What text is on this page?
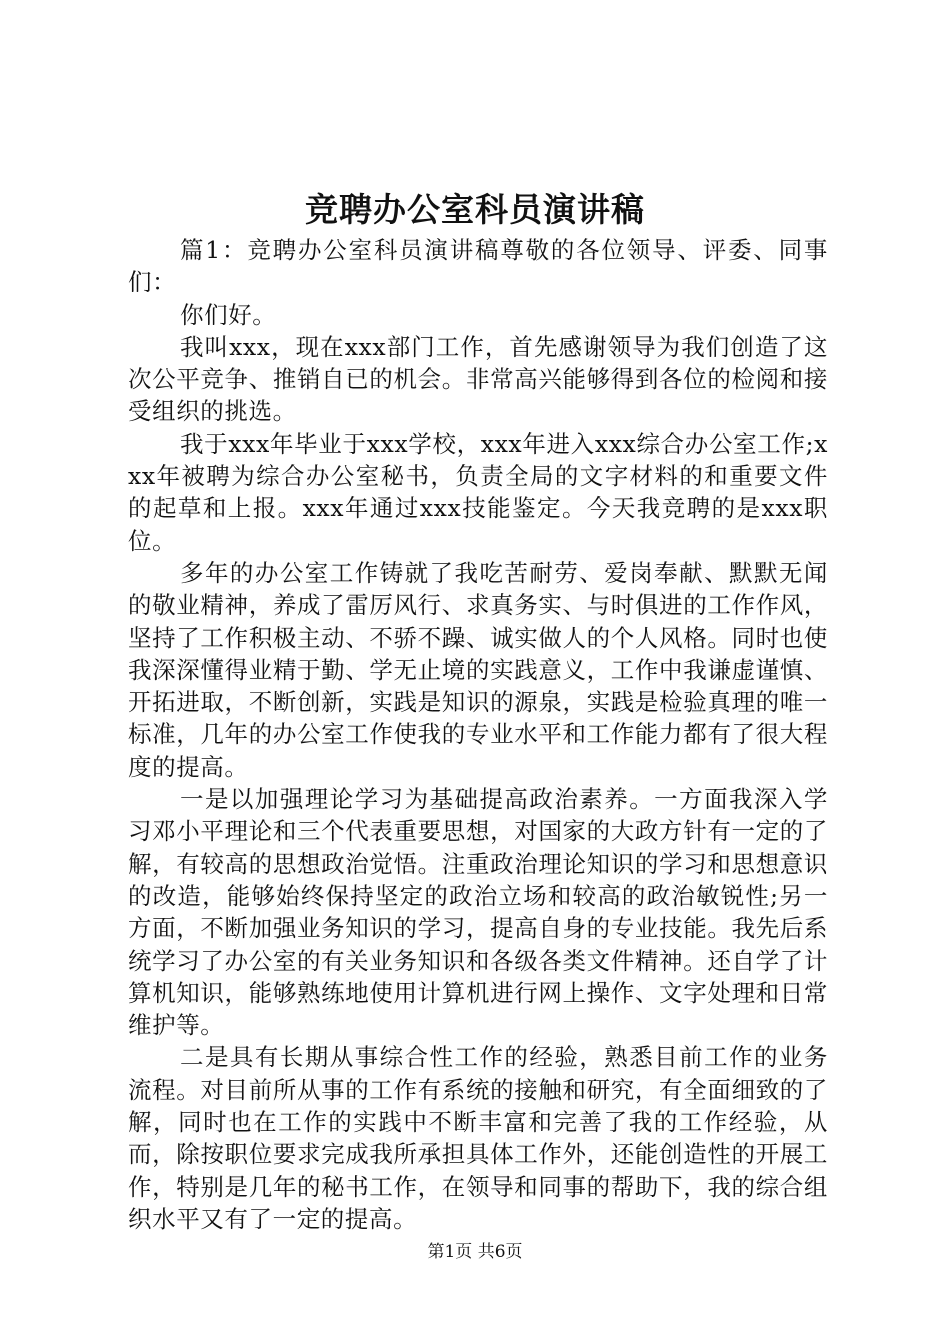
竞聘办公室科员演讲稿

篇1：竞聘办公室科员演讲稿尊敬的各位领导、评委、同事们：

你们好。

我叫xxx，现在xxx部门工作，首先感谢领导为我们创造了这次公平竞争、推销自已的机会。非常高兴能够得到各位的检阅和接受组织的挑选。

我于xxx年毕业于xxx学校，xxx年进入xxx综合办公室工作;xxx年被聘为综合办公室秘书，负责全局的文字材料的和重要文件的起草和上报。xxx年通过xxx技能鉴定。今天我竞聘的是xxx职位。

多年的办公室工作铸就了我吃苦耐劳、爱岗奉献、默默无闻的敬业精神，养成了雷厉风行、求真务实、与时俱进的工作作风，坚持了工作积极主动、不骄不躁、诚实做人的个人风格。同时也使我深深懂得业精于勤、学无止境的实践意义，工作中我谦虚谨慎、开拓进取，不断创新，实践是知识的源泉，实践是检验真理的唯一标准，几年的办公室工作使我的专业水平和工作能力都有了很大程度的提高。

一是以加强理论学习为基础提高政治素养。一方面我深入学习邓小平理论和三个代表重要思想，对国家的大政方针有一定的了解，有较高的思想政治觉悟。注重政治理论知识的学习和思想意识的改造，能够始终保持坚定的政治立场和较高的政治敏锐性;另一方面，不断加强业务知识的学习，提高自身的专业技能。我先后系统学习了办公室的有关业务知识和各级各类文件精神。还自学了计算机知识，能够熟练地使用计算机进行网上操作、文字处理和日常维护等。

二是具有长期从事综合性工作的经验，熟悉目前工作的业务流程。对目前所从事的工作有系统的接触和研究，有全面细致的了解，同时也在工作的实践中不断丰富和完善了我的工作经验，从而，除按职位要求完成我所承担具体工作外，还能创造性的开展工作，特别是几年的秘书工作，在领导和同事的帮助下，我的综合组织水平又有了一定的提高。

第1页 共6页
